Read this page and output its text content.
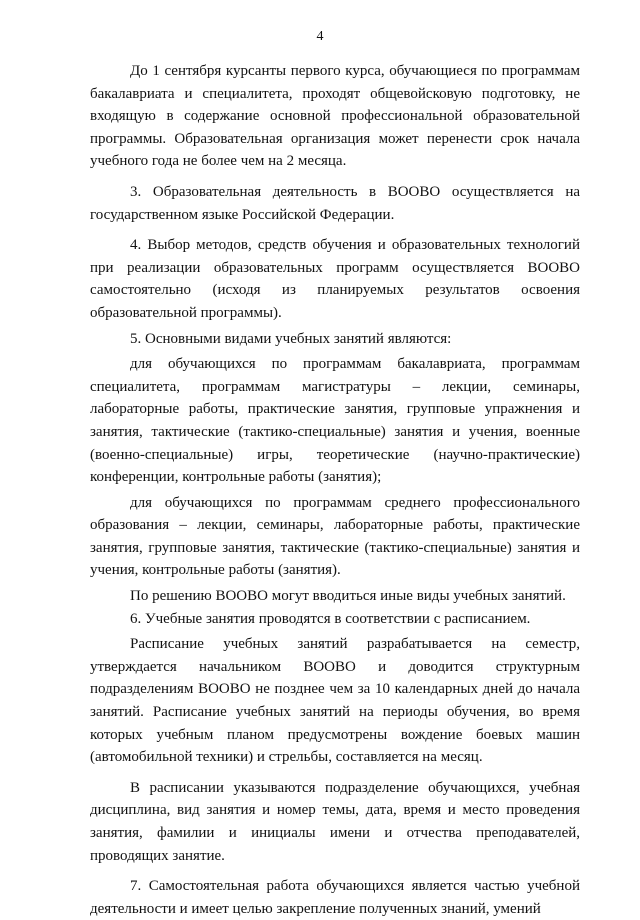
4

До 1 сентября курсанты первого курса, обучающиеся по программам бакалавриата и специалитета, проходят общевойсковую подготовку, не входящую в содержание основной профессиональной образовательной программы. Образовательная организация может перенести срок начала учебного года не более чем на 2 месяца.

3. Образовательная деятельность в ВООВО осуществляется на государственном языке Российской Федерации.

4. Выбор методов, средств обучения и образовательных технологий при реализации образовательных программ осуществляется ВООВО самостоятельно (исходя из планируемых результатов освоения образовательной программы).

5. Основными видами учебных занятий являются:

для обучающихся по программам бакалавриата, программам специалитета, программам магистратуры – лекции, семинары, лабораторные работы, практические занятия, групповые упражнения и занятия, тактические (тактико-специальные) занятия и учения, военные (военно-специальные) игры, теоретические (научно-практические) конференции, контрольные работы (занятия);

для обучающихся по программам среднего профессионального образования – лекции, семинары, лабораторные работы, практические занятия, групповые занятия, тактические (тактико-специальные) занятия и учения, контрольные работы (занятия).

По решению ВООВО могут вводиться иные виды учебных занятий.

6. Учебные занятия проводятся в соответствии с расписанием.

Расписание учебных занятий разрабатывается на семестр, утверждается начальником ВООВО и доводится структурным подразделениям ВООВО не позднее чем за 10 календарных дней до начала занятий. Расписание учебных занятий на периоды обучения, во время которых учебным планом предусмотрены вождение боевых машин (автомобильной техники) и стрельбы, составляется на месяц.

В расписании указываются подразделение обучающихся, учебная дисциплина, вид занятия и номер темы, дата, время и место проведения занятия, фамилии и инициалы имени и отчества преподавателей, проводящих занятие.

7. Самостоятельная работа обучающихся является частью учебной деятельности и имеет целью закрепление полученных знаний, умений
